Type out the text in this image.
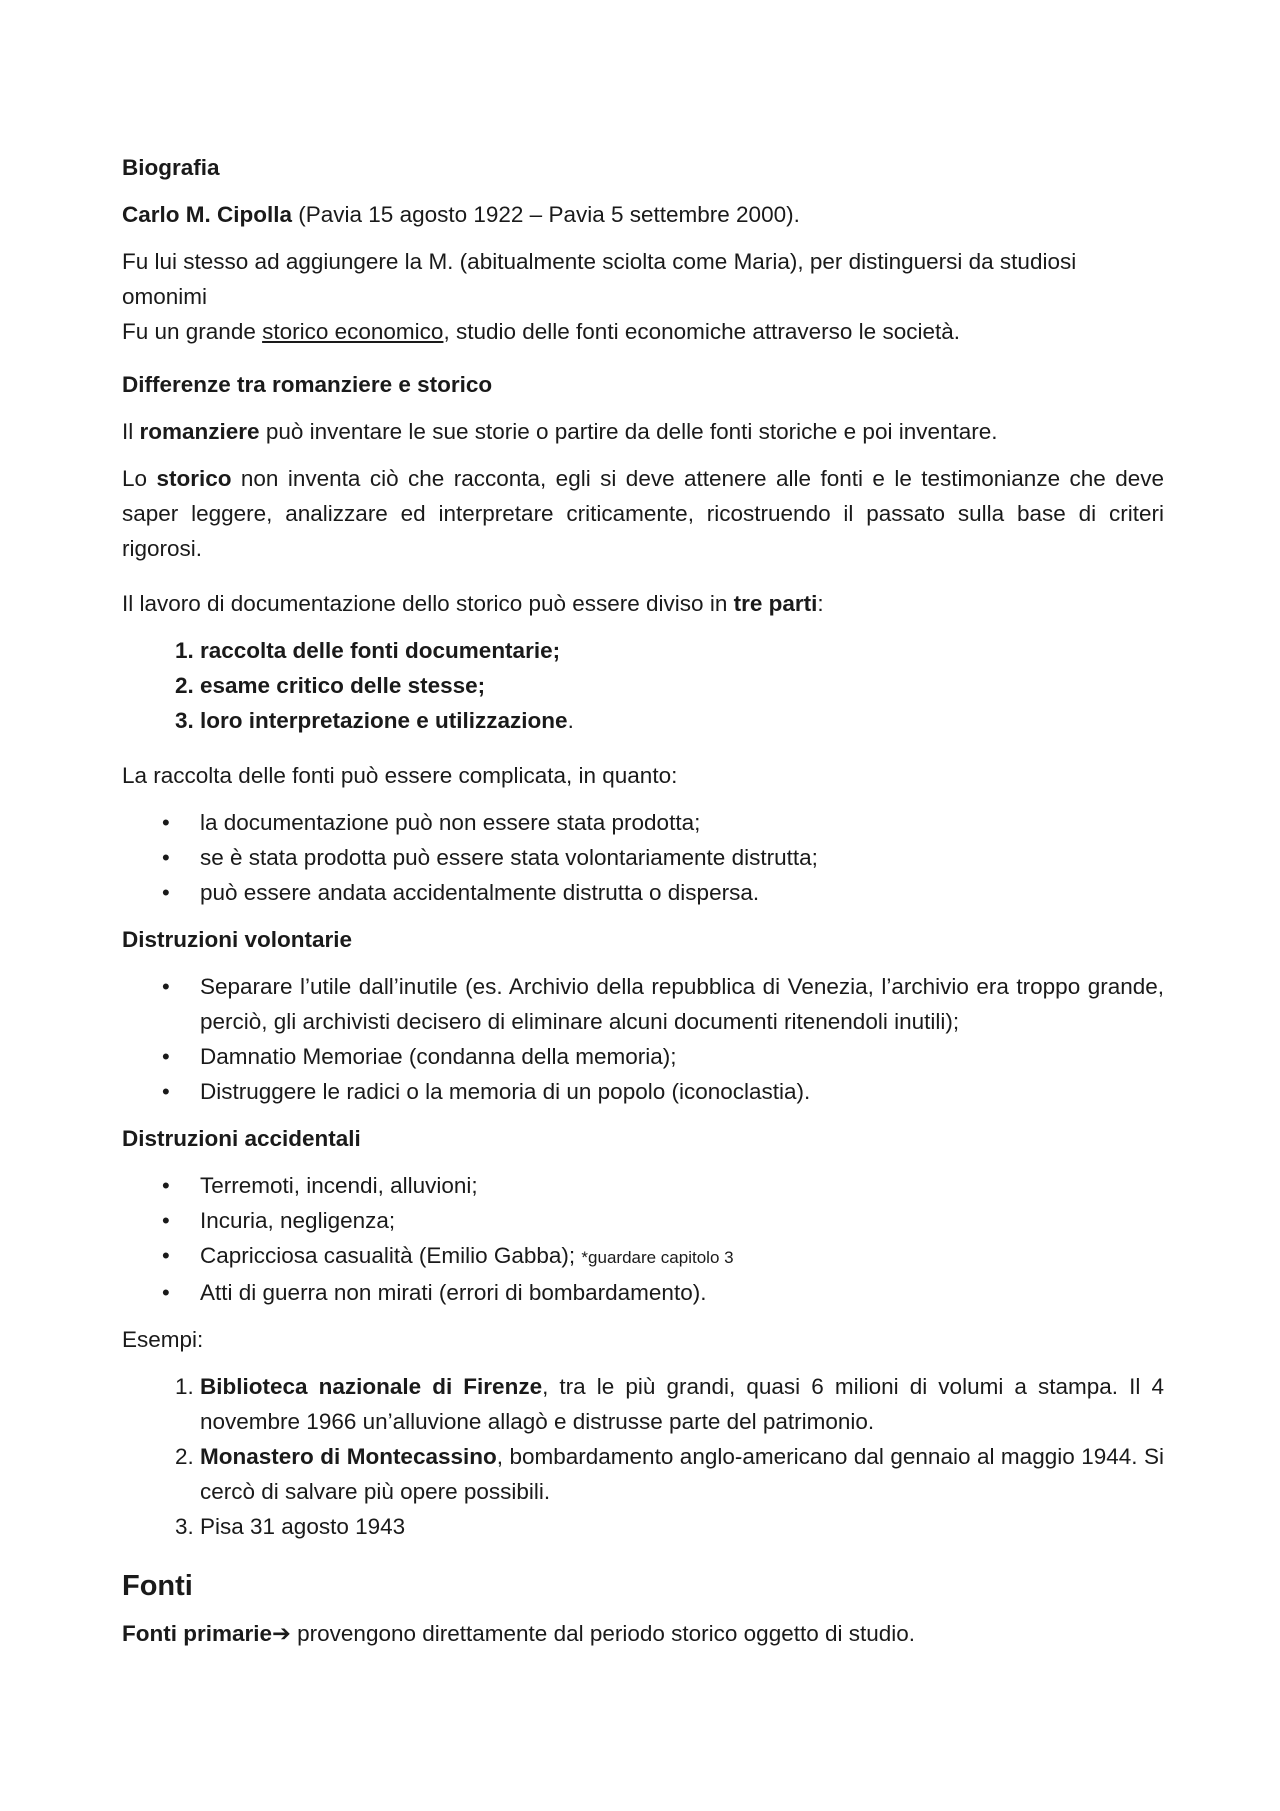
Biografia

Carlo M. Cipolla (Pavia 15 agosto 1922 – Pavia 5 settembre 2000).

Fu lui stesso ad aggiungere la M. (abitualmente sciolta come Maria), per distinguersi da studiosi omonimi
Fu un grande storico economico, studio delle fonti economiche attraverso le società.

Differenze tra romanziere e storico

Il romanziere può inventare le sue storie o partire da delle fonti storiche e poi inventare.

Lo storico non inventa ciò che racconta, egli si deve attenere alle fonti e le testimonianze che deve saper leggere, analizzare ed interpretare criticamente, ricostruendo il passato sulla base di criteri rigorosi.

Il lavoro di documentazione dello storico può essere diviso in tre parti:

1. raccolta delle fonti documentarie;
2. esame critico delle stesse;
3. loro interpretazione e utilizzazione.

La raccolta delle fonti può essere complicata, in quanto:

• la documentazione può non essere stata prodotta;
• se è stata prodotta può essere stata volontariamente distrutta;
• può essere andata accidentalmente distrutta o dispersa.

Distruzioni volontarie

• Separare l’utile dall’inutile (es. Archivio della repubblica di Venezia, l’archivio era troppo grande, perciò, gli archivisti decisero di eliminare alcuni documenti ritenendoli inutili);
• Damnatio Memoriae (condanna della memoria);
• Distruggere le radici o la memoria di un popolo (iconoclastia).

Distruzioni accidentali

• Terremoti, incendi, alluvioni;
• Incuria, negligenza;
• Capricciosa casualità (Emilio Gabba); *guardare capitolo 3
• Atti di guerra non mirati (errori di bombardamento).

Esempi:

1. Biblioteca nazionale di Firenze, tra le più grandi, quasi 6 milioni di volumi a stampa. Il 4 novembre 1966 un’alluvione allagò e distrusse parte del patrimonio.
2. Monastero di Montecassino, bombardamento anglo-americano dal gennaio al maggio 1944. Si cercò di salvare più opere possibili.
3. Pisa 31 agosto 1943
Fonti

Fonti primarie➔ provengono direttamente dal periodo storico oggetto di studio.
